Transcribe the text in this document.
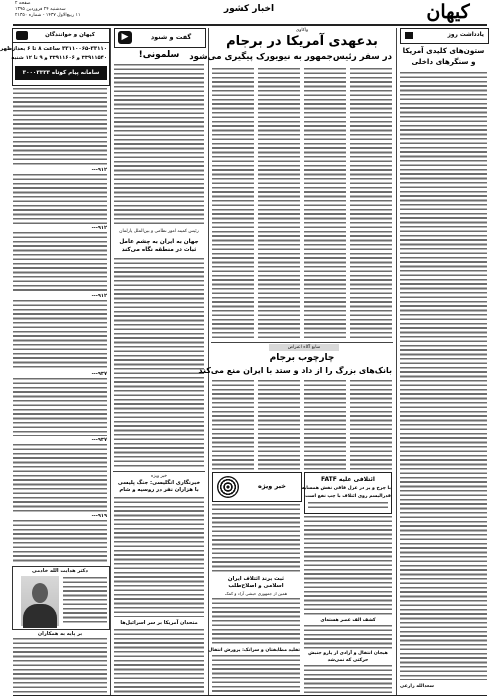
کیهان
اخبار کشور
صفحه ۲
سه‌شنبه ۲۴ فروردین ۱۳۹۵
۱۱ ربیع‌الاول ۱۴۳۷ - شماره ۲۱۳۵۰
کیهان و خوانندگان
۳۳۱۱۰۰۶۵-۳۳۱۱۰ ساعت ۸ تا ۶ بعدازظهر
۳۳۹۱۱۵۴۰ و ۳۳۹۱۱۶۰۶ و ۹ تا ۱۲ شنبه
سامانه پیام کوتاه ۳۰۰۰۳۳۳۳
۹۱۲---
۹۱۲---
۹۱۲---
۹۳۷---
۹۳۷---
۹۱۹---
دکتر هدایت الله خادمی
بر پایه به همکاران
▶	گفت و شنود
سلمونی!
رئیس کمیته امور نظامی و بین‌الملل پارلمان
جهان به ایران به چشم عامل ثبات در منطقه نگاه می‌کند
خبر ویژه
خبرنگاری انگلیسی: جنگ پلیسی
با هزاران نفر در روسیه و شام
متحدان آمریکا بر سر اسرائیل‌ها
واکاوی
بدعهدی آمریکا در برجام
در سفر رئیس‌جمهور به نیویورک پیگیری می‌شود
منابع آگاه اعتراض
چارچوب برجام
بانک‌های بزرگ را از داد و ستد با ایران منع می‌کند
خبر ویژه
ثبت برند ائتلاف ایران
اسلامی و اصلاح‌طلب
همین از جمهوری حبشی آزاد و کمک
تقلید مطابقتان و سرانک: پرورش انتقال
ائتلافی علیه FATF
با چرخ و پر در عزل فاقی نقش همسایه
فدرالیسم روی ائتلاف با چپ نفع است
کشف الف عصر هسته‌ای
هیجان انتقال و آزادی از پارو جنبش
حرکتی که نمی‌شد
یادداشت روز
ستون‌های کلیدی آمریکا
و سنگرهای داخلی
سعدالله زارعی
